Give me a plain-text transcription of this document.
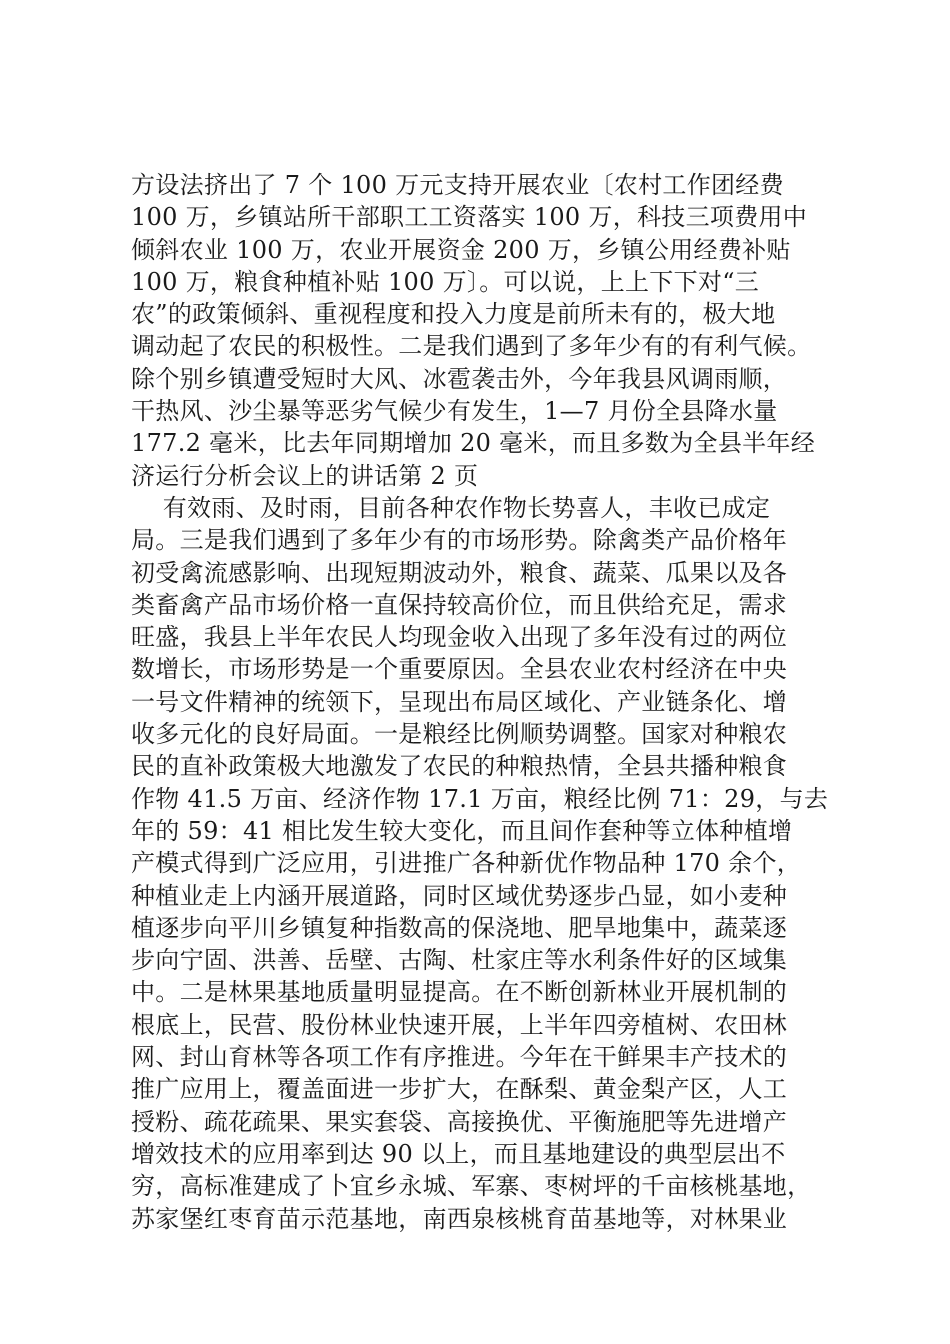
方设法挤出了 7 个 100 万元支持开展农业〔农村工作团经费
100 万，乡镇站所干部职工工资落实 100 万，科技三项费用中
倾斜农业 100 万，农业开展资金 200 万，乡镇公用经费补贴
100 万，粮食种植补贴 100 万〕。可以说，上上下下对“三
农”的政策倾斜、重视程度和投入力度是前所未有的，极大地
调动起了农民的积极性。二是我们遇到了多年少有的有利气候。
除个别乡镇遭受短时大风、冰雹袭击外，今年我县风调雨顺，
干热风、沙尘暴等恶劣气候少有发生，1—7 月份全县降水量
177.2 毫米，比去年同期增加 20 毫米，而且多数为全县半年经
济运行分析会议上的讲话第 2 页
有效雨、及时雨，目前各种农作物长势喜人，丰收已成定
局。三是我们遇到了多年少有的市场形势。除禽类产品价格年
初受禽流感影响、出现短期波动外，粮食、蔬菜、瓜果以及各
类畜禽产品市场价格一直保持较高价位，而且供给充足，需求
旺盛，我县上半年农民人均现金收入出现了多年没有过的两位
数增长，市场形势是一个重要原因。全县农业农村经济在中央
一号文件精神的统领下，呈现出布局区域化、产业链条化、增
收多元化的良好局面。一是粮经比例顺势调整。国家对种粮农
民的直补政策极大地激发了农民的种粮热情，全县共播种粮食
作物 41.5 万亩、经济作物 17.1 万亩，粮经比例 71：29，与去
年的 59：41 相比发生较大变化，而且间作套种等立体种植增
产模式得到广泛应用，引进推广各种新优作物品种 170 余个，
种植业走上内涵开展道路，同时区域优势逐步凸显，如小麦种
植逐步向平川乡镇复种指数高的保浇地、肥旱地集中，蔬菜逐
步向宁固、洪善、岳壁、古陶、杜家庄等水利条件好的区域集
中。二是林果基地质量明显提高。在不断创新林业开展机制的
根底上，民营、股份林业快速开展，上半年四旁植树、农田林
网、封山育林等各项工作有序推进。今年在干鲜果丰产技术的
推广应用上，覆盖面进一步扩大，在酥梨、黄金梨产区，人工
授粉、疏花疏果、果实套袋、高接换优、平衡施肥等先进增产
增效技术的应用率到达 90 以上，而且基地建设的典型层出不
穷，高标准建成了卜宜乡永城、军寨、枣树坪的千亩核桃基地，
苏家堡红枣育苗示范基地，南西泉核桃育苗基地等，对林果业
